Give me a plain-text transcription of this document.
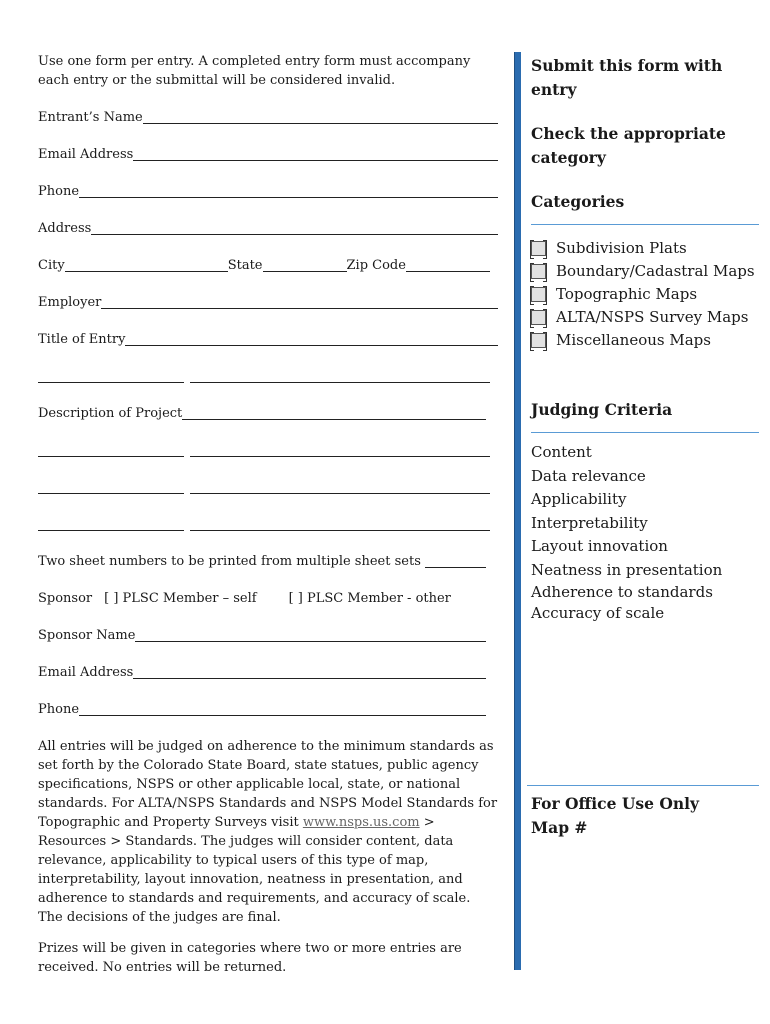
Use one form per entry. A completed entry form must accompany each entry or the submittal will be considered invalid.

Entrant’s Name
Email Address
Phone
Address
City	State	Zip Code
Employer
Title of Entry
Description of Project
Two sheet numbers to be printed from multiple sheet sets
Sponsor [ ] PLSC Member – self [ ] PLSC Member - other
Sponsor Name
Email Address
Phone

All entries will be judged on adherence to the minimum standards as set forth by the Colorado State Board, state statues, public agency specifications, NSPS or other applicable local, state, or national standards. For ALTA/NSPS Standards and NSPS Model Standards for Topographic and Property Surveys visit www.nsps.us.com > Resources > Standards. The judges will consider content, data relevance, applicability to typical users of this type of map, interpretability, layout innovation, neatness in presentation, and adherence to standards and requirements, and accuracy of scale. The decisions of the judges are final.

Prizes will be given in categories where two or more entries are received. No entries will be returned.

Submit this form with entry
Check the appropriate category
Categories
Subdivision Plats
Boundary/Cadastral Maps
Topographic Maps
ALTA/NSPS Survey Maps
Miscellaneous Maps
Judging Criteria
Content
Data relevance
Applicability
Interpretability
Layout innovation
Neatness in presentation
Adherence to standards
Accuracy of scale
For Office Use Only
Map #
